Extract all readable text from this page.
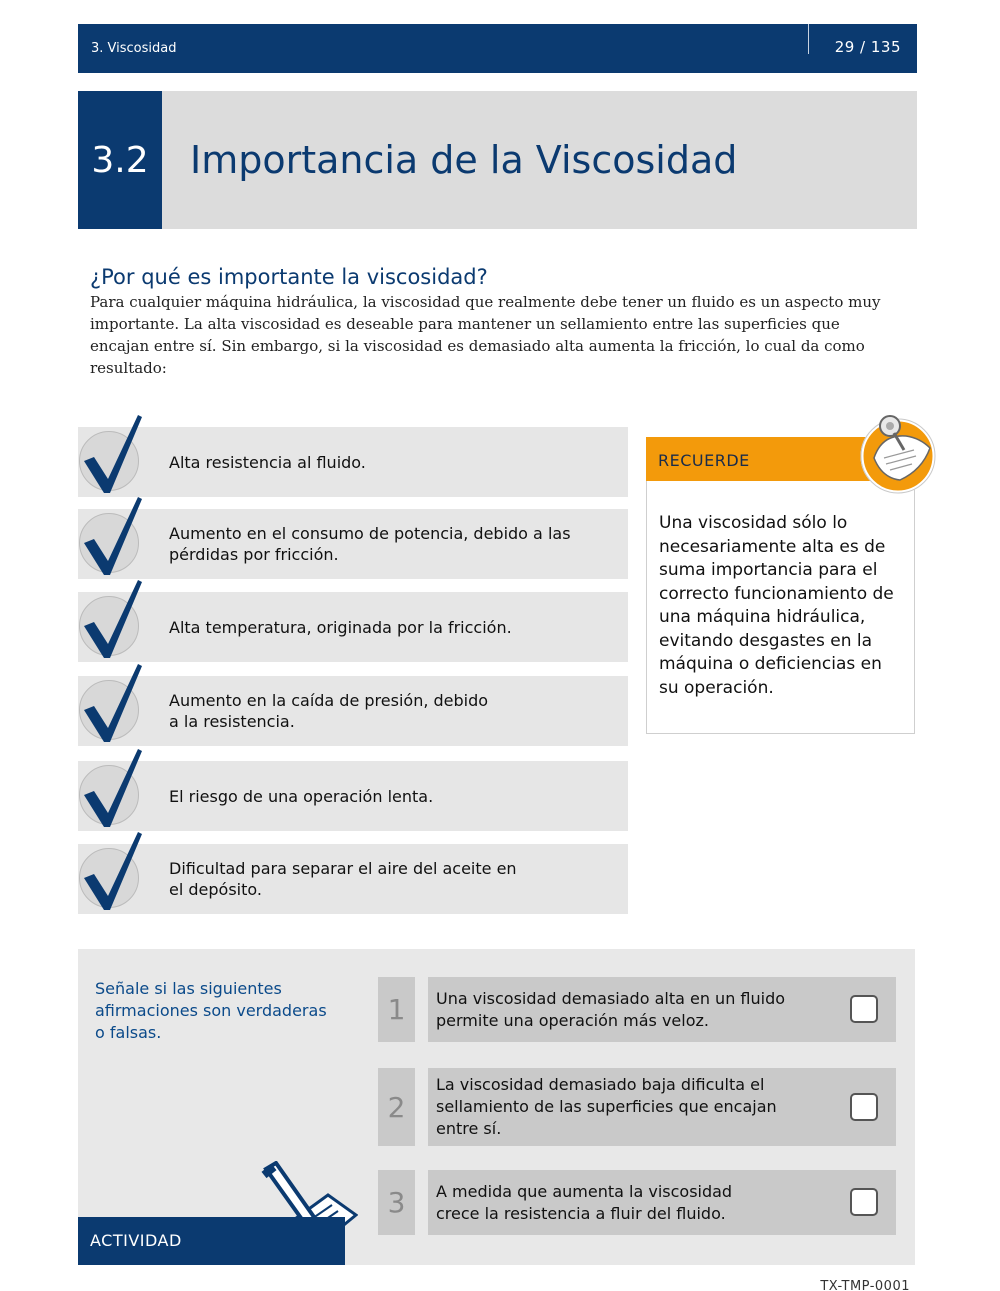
3. Viscosidad	29 / 135
3.2	Importancia de la Viscosidad
¿Por qué es importante la viscosidad?
Para cualquier máquina hidráulica, la viscosidad que realmente debe tener un fluido es un aspecto muy importante. La alta viscosidad es deseable para mantener un sellamiento entre las superficies que encajan entre sí. Sin embargo, si la viscosidad es demasiado alta aumenta la fricción, lo cual da como resultado:
Alta resistencia al fluido.
Aumento en el consumo de potencia, debido a las
pérdidas por fricción.
Alta temperatura, originada por la fricción.
Aumento en la caída de presión, debido
a la resistencia.
El riesgo de una operación lenta.
Dificultad para separar el aire del aceite en
el depósito.
RECUERDE
Una viscosidad sólo lo necesariamente alta es de suma importancia para el correcto funcionamiento de una máquina hidráulica, evitando desgastes en la máquina o deficiencias en su operación.
Señale si las siguientes afirmaciones son verdaderas o falsas.
ACTIVIDAD
1	Una viscosidad demasiado alta en un fluido
permite una operación más veloz.
2
La viscosidad demasiado baja dificulta el
sellamiento de las superficies que encajan
entre sí.
3	A medida que aumenta la viscosidad
crece la resistencia a fluir del fluido.
TX-TMP-0001
